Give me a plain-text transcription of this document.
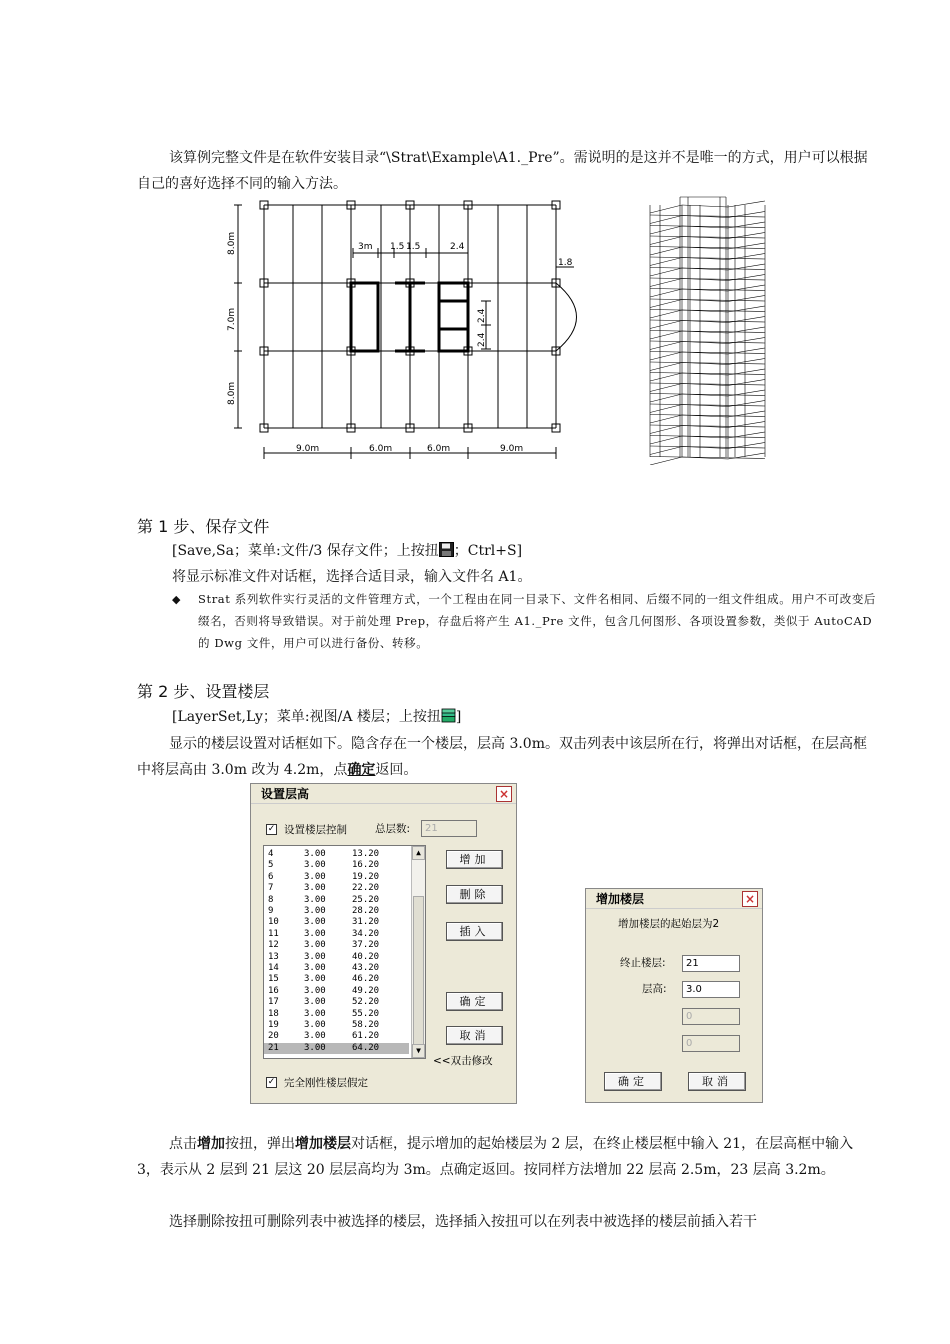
该算例完整文件是在软件安装目录“\Strat\Example\A1._Pre”。需说明的是这并不是唯一的方式，用户可以根据自己的喜好选择不同的输入方法。
8.0m
7.0m
8.0m
9.0m	6.0m	6.0m	9.0m
3m 1.5 1.5	2.4
1.8
2.4
2.4
第 1 步、保存文件
[Save,Sa；菜单:文件/3 保存文件；上按扭 ；Ctrl+S]
将显示标准文件对话框，选择合适目录，输入文件名 A1。
◆ Strat 系列软件实行灵活的文件管理方式，一个工程由在同一目录下、文件名相同、后缀不同的一组文件组成。用户不可改变后缀名，否则将导致错误。对于前处理 Prep，存盘后将产生 A1._Pre 文件，包含几何图形、各项设置参数，类似于 AutoCAD 的 Dwg 文件，用户可以进行备份、转移。
第 2 步、设置楼层
[LayerSet,Ly；菜单:视图/A 楼层；上按扭 ]
显示的楼层设置对话框如下。隐含存在一个楼层，层高 3.0m。双击列表中该层所在行，将弹出对话框，在层高框中将层高由 3.0m 改为 4.2m，点确定返回。
设置层高	×
✓ 设置楼层控制	总层数:	21
4	3.00	13.20
5	3.00	16.20
6	3.00	19.20
7	3.00	22.20
8	3.00	25.20
9	3.00	28.20
10	3.00	31.20
11	3.00	34.20
12	3.00	37.20
13	3.00	40.20
14	3.00	43.20
15	3.00	46.20
16	3.00	49.20
17	3.00	52.20
18	3.00	55.20
19	3.00	58.20
20	3.00	61.20
21	3.00	64.20
▲
▼
增加
删除
插入
确定
取消
<<双击修改
✓ 完全刚性楼层假定
增加楼层	×
增加楼层的起始层为2
终止楼层:	21
层高:	3.0
0
0
确定	取消
点击增加按扭，弹出增加楼层对话框，提示增加的起始楼层为 2 层，在终止楼层框中输入 21，在层高框中输入 3，表示从 2 层到 21 层这 20 层层高均为 3m。点确定返回。按同样方法增加 22 层高 2.5m，23 层高 3.2m。
选择删除按扭可删除列表中被选择的楼层，选择插入按扭可以在列表中被选择的楼层前插入若干
